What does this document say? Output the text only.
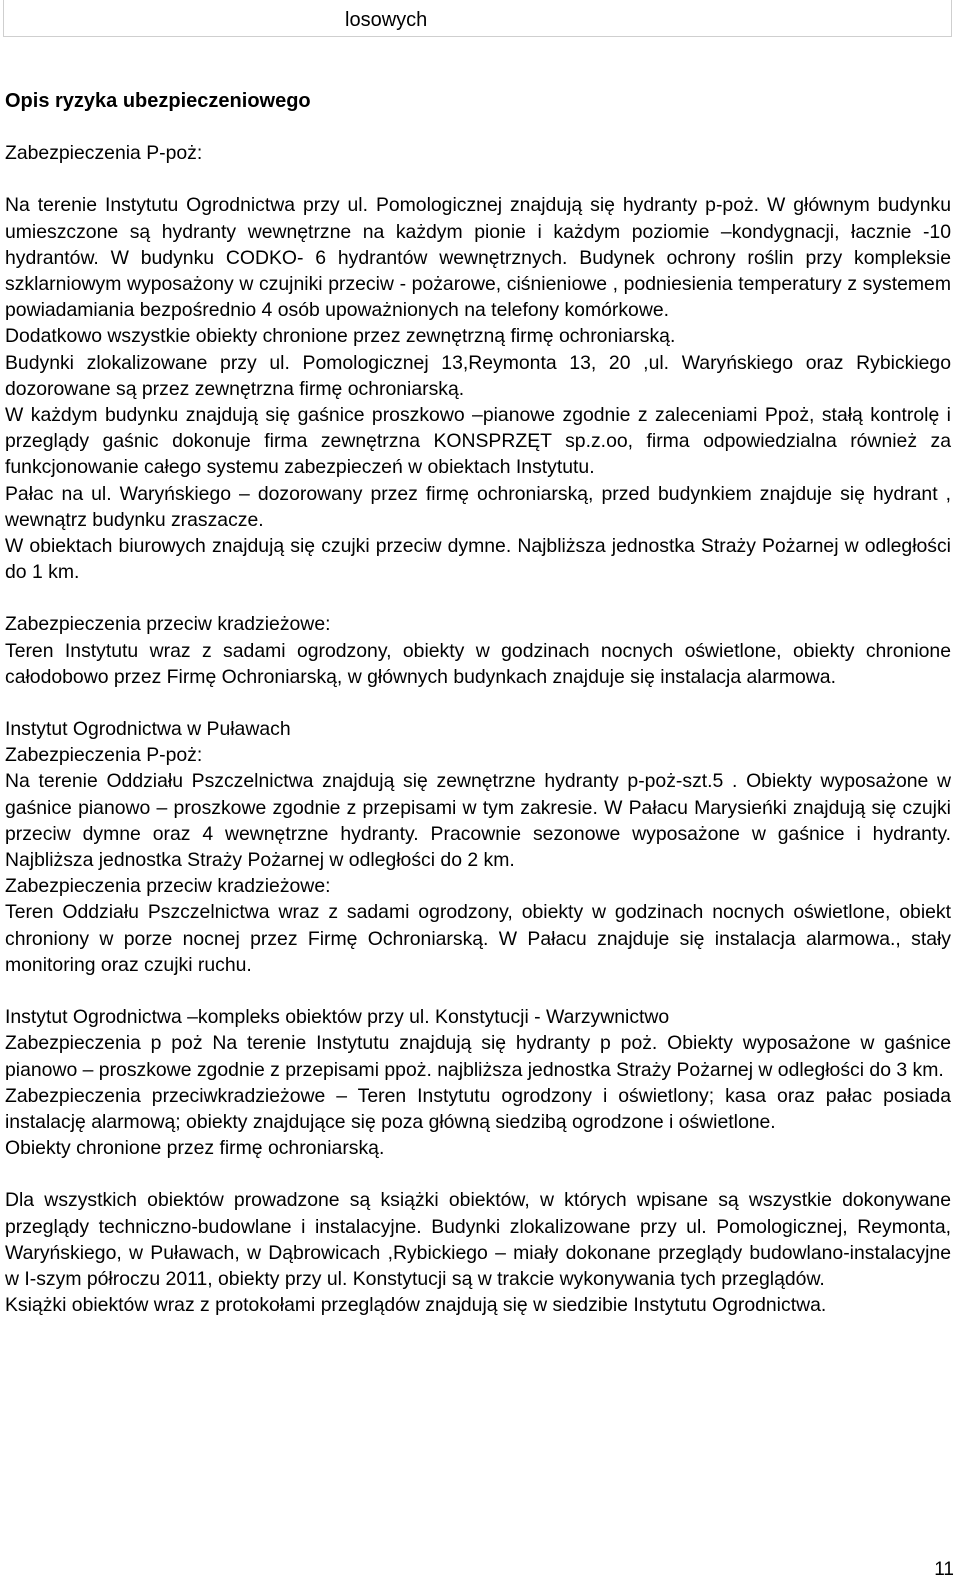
losowych

Opis ryzyka ubezpieczeniowego

Zabezpieczenia P-poż:

Na terenie Instytutu Ogrodnictwa przy ul. Pomologicznej znajdują się hydranty p-poż. W głównym budynku umieszczone są hydranty wewnętrzne na każdym pionie i każdym poziomie –kondygnacji, łacznie -10 hydrantów. W budynku CODKO- 6 hydrantów wewnętrznych. Budynek ochrony roślin przy kompleksie szklarniowym wyposażony w czujniki przeciw - pożarowe, ciśnieniowe , podniesienia temperatury z systemem powiadamiania bezpośrednio 4 osób upoważnionych na telefony komórkowe.

Dodatkowo wszystkie obiekty chronione przez zewnętrzną firmę ochroniarską.

Budynki zlokalizowane przy ul. Pomologicznej 13,Reymonta 13, 20 ,ul. Waryńskiego oraz Rybickiego dozorowane są przez zewnętrzna firmę ochroniarską.

W każdym budynku znajdują się gaśnice proszkowo –pianowe zgodnie z zaleceniami Ppoż, stałą kontrolę i przeglądy gaśnic dokonuje firma zewnętrzna KONSPRZĘT sp.z.oo, firma odpowiedzialna również za funkcjonowanie całego systemu zabezpieczeń w obiektach Instytutu.

Pałac na ul. Waryńskiego – dozorowany przez firmę ochroniarską, przed budynkiem znajduje się hydrant , wewnątrz budynku zraszacze.

W obiektach biurowych znajdują się czujki przeciw dymne. Najbliższa jednostka Straży Pożarnej w odległości do 1 km.

Zabezpieczenia przeciw kradzieżowe:

Teren Instytutu wraz z sadami ogrodzony, obiekty w godzinach nocnych oświetlone, obiekty chronione całodobowo przez Firmę Ochroniarską, w głównych budynkach znajduje się instalacja alarmowa.

Instytut Ogrodnictwa w Puławach

Zabezpieczenia P-poż:

Na terenie Oddziału Pszczelnictwa znajdują się zewnętrzne hydranty p-poż-szt.5 . Obiekty wyposażone w gaśnice pianowo – proszkowe zgodnie z przepisami w tym zakresie. W Pałacu Marysieńki znajdują się czujki przeciw dymne oraz 4 wewnętrzne hydranty. Pracownie sezonowe wyposażone w gaśnice i hydranty. Najbliższa jednostka Straży Pożarnej w odległości do 2 km.

Zabezpieczenia przeciw kradzieżowe:

Teren Oddziału Pszczelnictwa wraz z sadami ogrodzony, obiekty w godzinach nocnych oświetlone, obiekt chroniony w porze nocnej przez Firmę Ochroniarską. W Pałacu znajduje się instalacja alarmowa., stały monitoring oraz czujki ruchu.

Instytut Ogrodnictwa –kompleks obiektów przy ul. Konstytucji - Warzywnictwo

Zabezpieczenia p poż Na terenie Instytutu znajdują się hydranty p poż. Obiekty wyposażone w gaśnice pianowo – proszkowe zgodnie z przepisami ppoż. najbliższa jednostka Straży Pożarnej w odległości do 3 km.

Zabezpieczenia przeciwkradzieżowe – Teren Instytutu ogrodzony i oświetlony; kasa oraz pałac posiada instalację alarmową; obiekty znajdujące się poza główną siedzibą ogrodzone i oświetlone.

Obiekty chronione przez firmę ochroniarską.

Dla wszystkich obiektów prowadzone są książki obiektów, w których wpisane są wszystkie dokonywane przeglądy techniczno-budowlane i instalacyjne. Budynki zlokalizowane przy ul. Pomologicznej, Reymonta, Waryńskiego, w Puławach, w Dąbrowicach ,Rybickiego – miały dokonane przeglądy budowlano-instalacyjne w I-szym półroczu 2011, obiekty przy ul. Konstytucji są w trakcie wykonywania tych przeglądów.

Książki obiektów wraz z protokołami przeglądów znajdują się w siedzibie Instytutu Ogrodnictwa.

11
